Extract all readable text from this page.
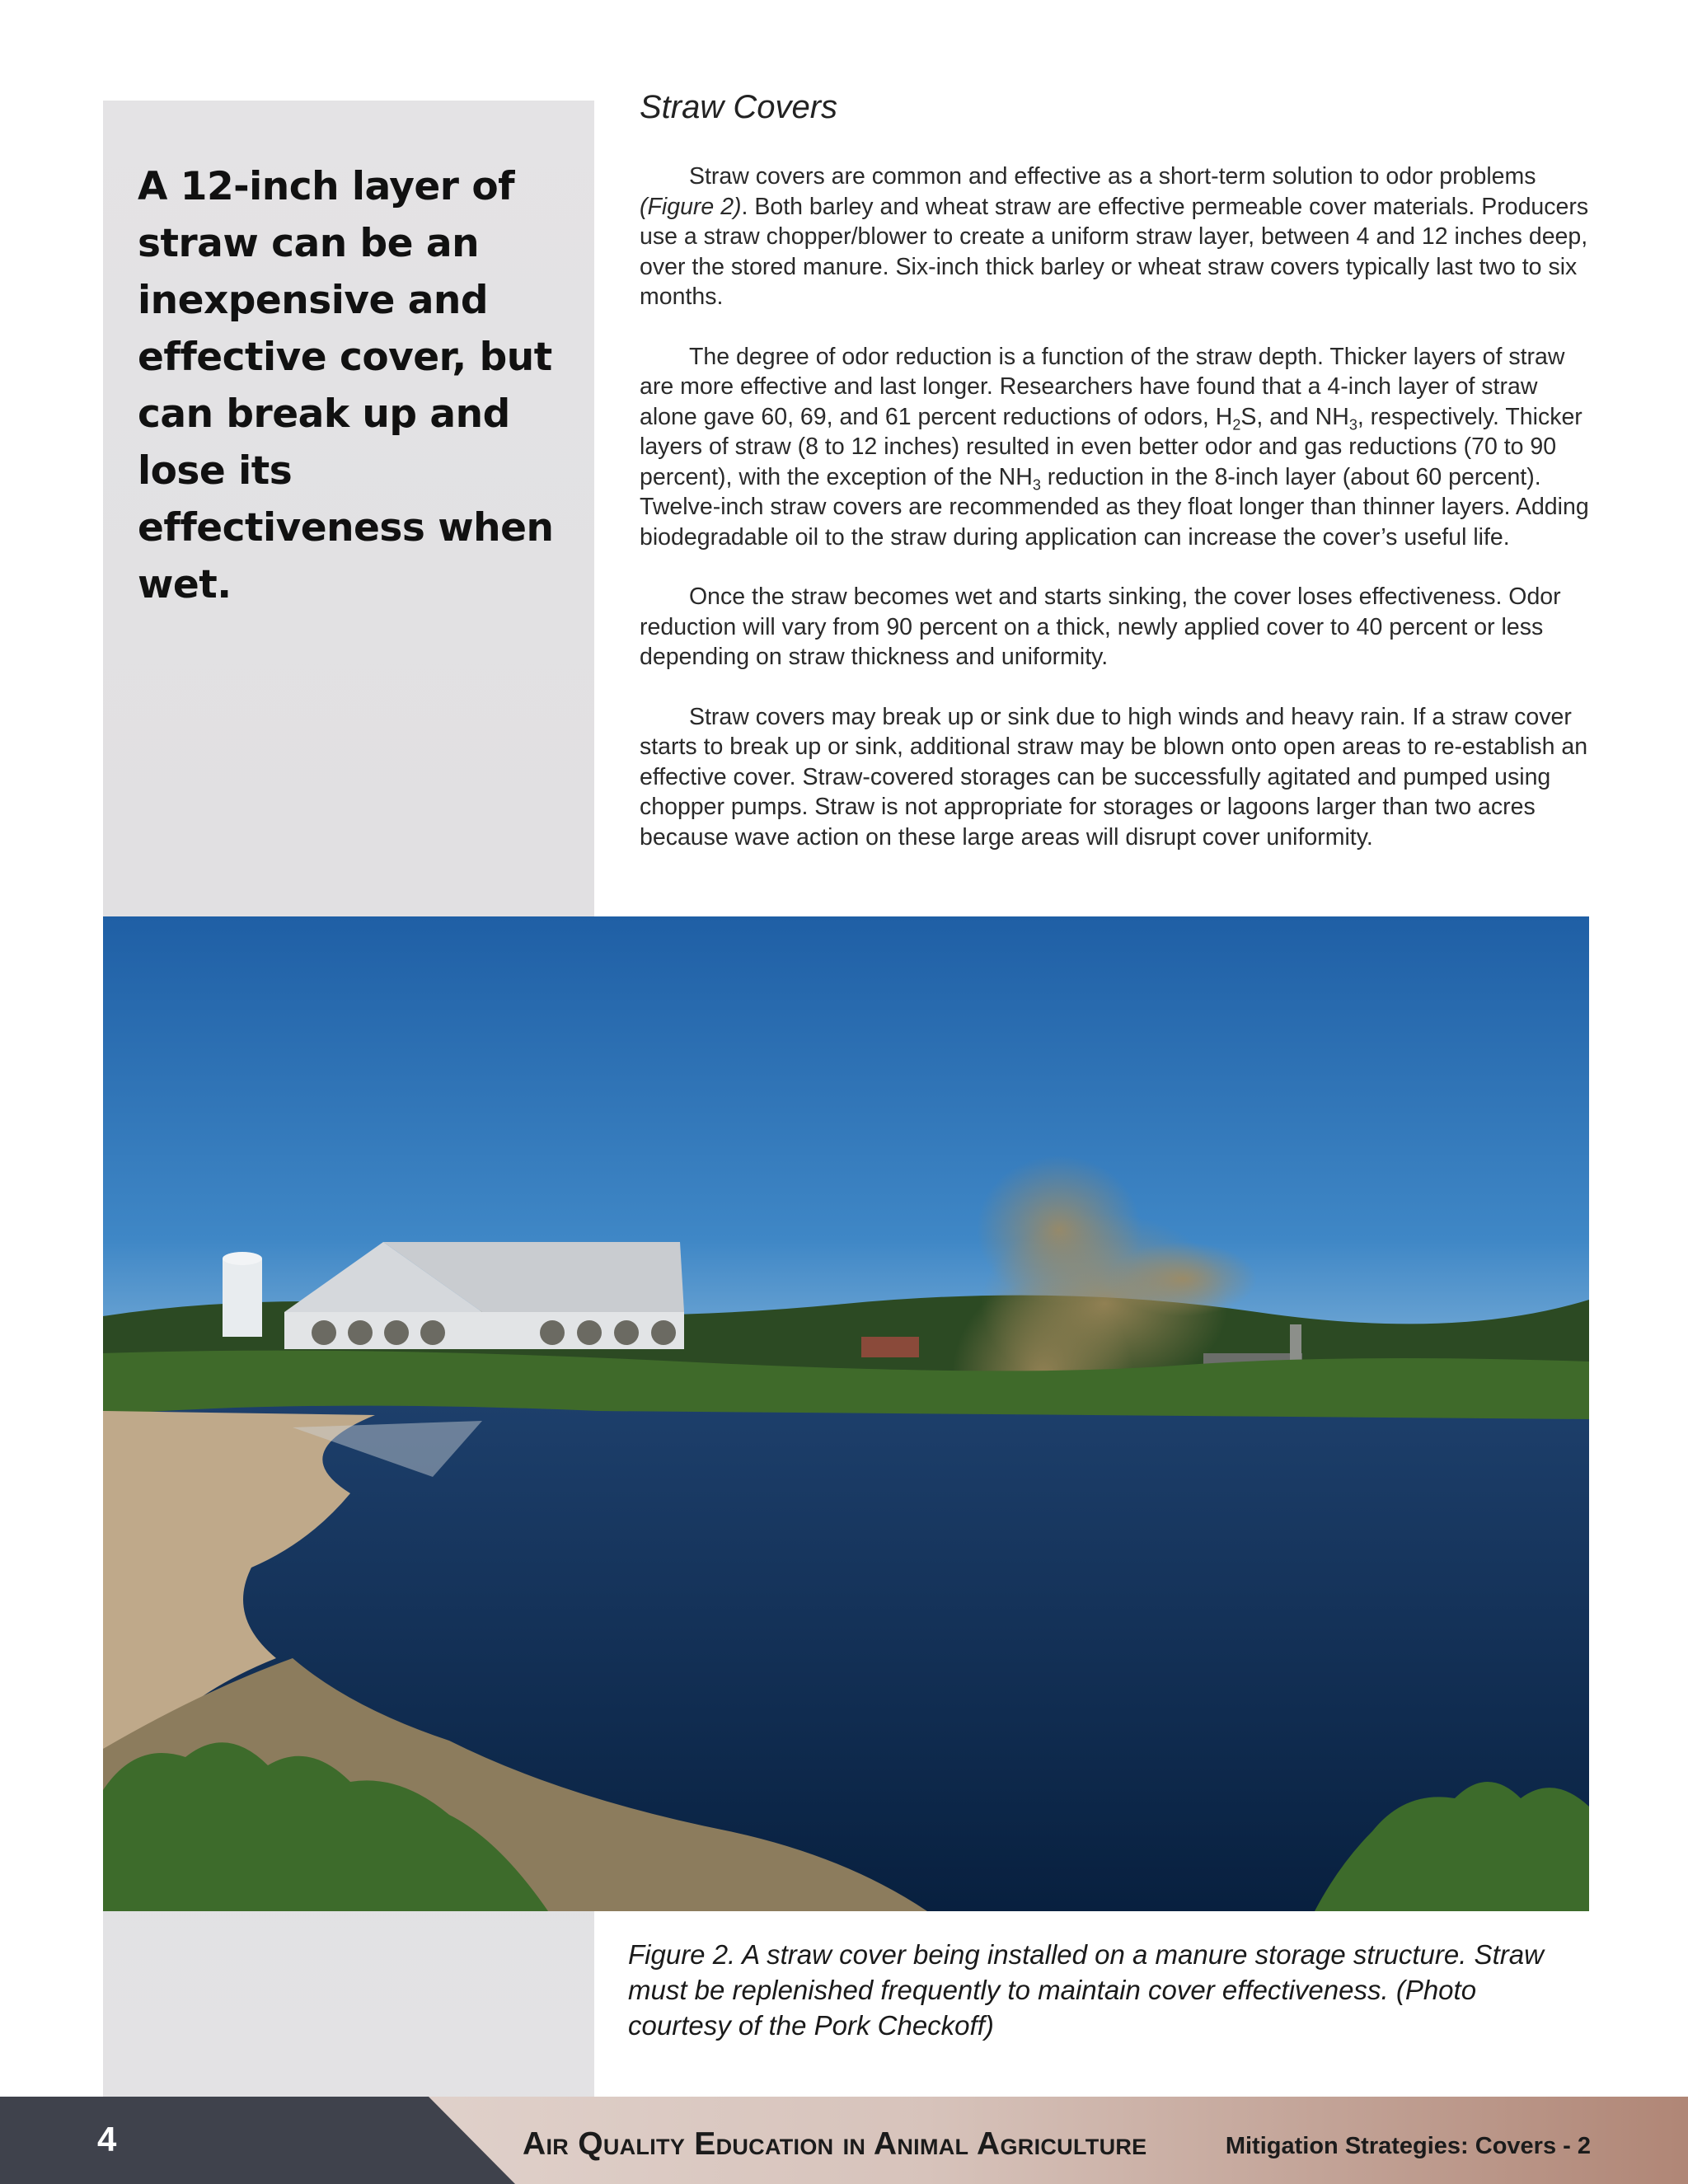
A 12-inch layer of straw can be an inexpensive and effective cover, but can break up and lose its effectiveness when wet.
Straw Covers

Straw covers are common and effective as a short-term solution to odor problems (Figure 2). Both barley and wheat straw are effective permeable cover materials. Producers use a straw chopper/blower to create a uniform straw layer, between 4 and 12 inches deep, over the stored manure. Six-inch thick barley or wheat straw covers typically last two to six months.

The degree of odor reduction is a function of the straw depth. Thicker layers of straw are more effective and last longer. Researchers have found that a 4-inch layer of straw alone gave 60, 69, and 61 percent reductions of odors, $H_2S$, and $NH_3$, respectively. Thicker layers of straw (8 to 12 inches) resulted in even better odor and gas reductions (70 to 90 percent), with the exception of the $NH_3$ reduction in the 8-inch layer (about 60 percent). Twelve-inch straw covers are recommended as they float longer than thinner layers. Adding biodegradable oil to the straw during application can increase the cover’s useful life.

Once the straw becomes wet and starts sinking, the cover loses effectiveness. Odor reduction will vary from 90 percent on a thick, newly applied cover to 40 percent or less depending on straw thickness and uniformity.

Straw covers may break up or sink due to high winds and heavy rain. If a straw cover starts to break up or sink, additional straw may be blown onto open areas to re-establish an effective cover. Straw-covered storages can be successfully agitated and pumped using chopper pumps. Straw is not appropriate for storages or lagoons larger than two acres because wave action on these large areas will disrupt cover uniformity.

Figure 2. A straw cover being installed on a manure storage structure. Straw must be replenished frequently to maintain cover effectiveness. (Photo courtesy of the Pork Checkoff)
4	Air Quality Education in Animal Agriculture	Mitigation Strategies: Covers - 2
